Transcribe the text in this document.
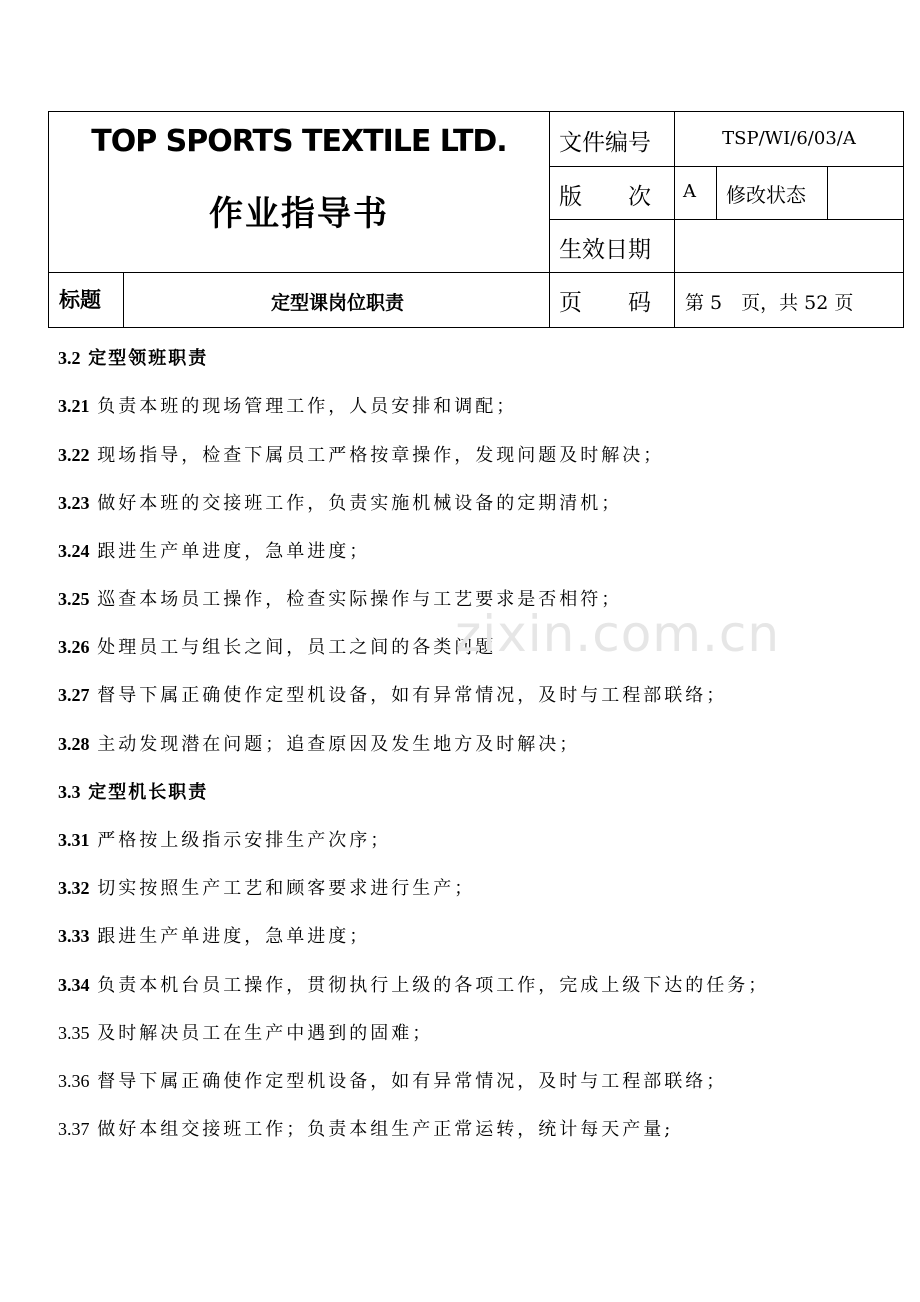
TOP SPORTS TEXTILE LTD.
作业指导书
文件编号	TSP/WI/6/03/A
版　　次 A 修改状态
生效日期
标题	定型课岗位职责	页　　码 第 5　页，共 52 页
3.2 定型领班职责
3.21 负责本班的现场管理工作，人员安排和调配；
3.22 现场指导，检查下属员工严格按章操作，发现问题及时解决；
3.23 做好本班的交接班工作，负责实施机械设备的定期清机；
3.24 跟进生产单进度，急单进度；
3.25 巡查本场员工操作，检查实际操作与工艺要求是否相符；
3.26 处理员工与组长之间，员工之间的各类问题
3.27 督导下属正确使作定型机设备，如有异常情况，及时与工程部联络；
3.28 主动发现潜在问题；追查原因及发生地方及时解决；
3.3 定型机长职责
3.31 严格按上级指示安排生产次序；
3.32 切实按照生产工艺和顾客要求进行生产；
3.33 跟进生产单进度，急单进度；
3.34 负责本机台员工操作，贯彻执行上级的各项工作，完成上级下达的任务；
3.35 及时解决员工在生产中遇到的固难；
3.36 督导下属正确使作定型机设备，如有异常情况，及时与工程部联络；
3.37 做好本组交接班工作；负责本组生产正常运转，统计每天产量;
zixin.com.cn
